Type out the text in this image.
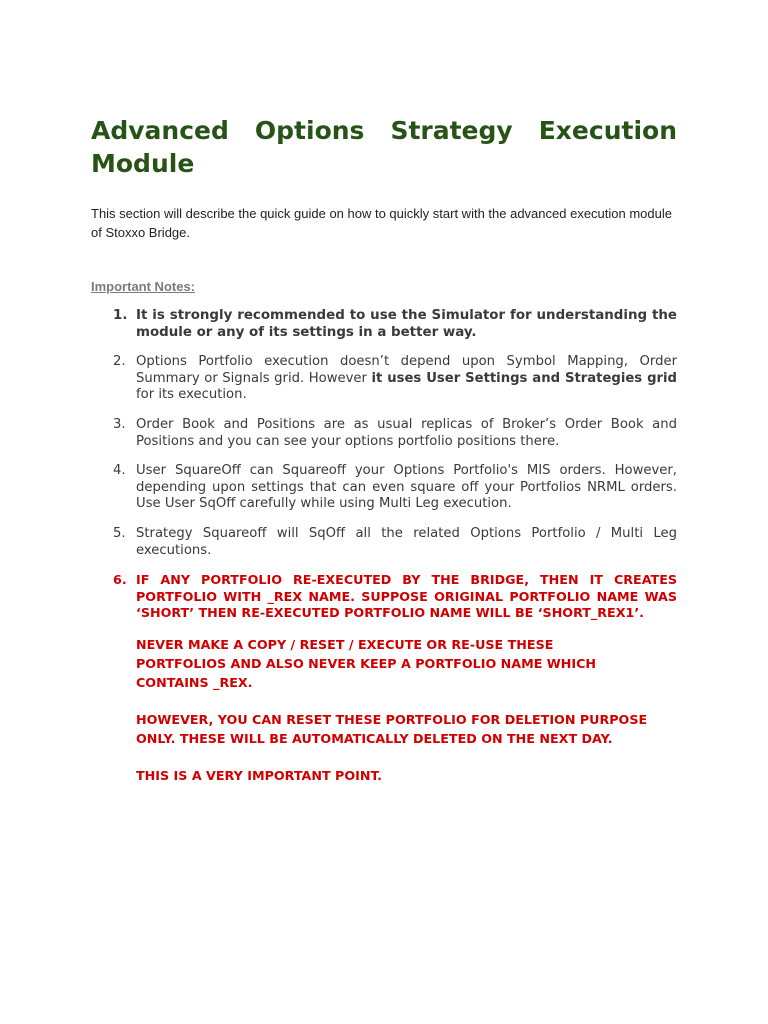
Advanced Options Strategy Execution Module

This section will describe the quick guide on how to quickly start with the advanced execution module of Stoxxo Bridge.

Important Notes:

1. It is strongly recommended to use the Simulator for understanding the module or any of its settings in a better way.
2. Options Portfolio execution doesn’t depend upon Symbol Mapping, Order Summary or Signals grid. However it uses User Settings and Strategies grid for its execution.
3. Order Book and Positions are as usual replicas of Broker’s Order Book and Positions and you can see your options portfolio positions there.
4. User SquareOff can Squareoff your Options Portfolio's MIS orders. However, depending upon settings that can even square off your Portfolios NRML orders. Use User SqOff carefully while using Multi Leg execution.
5. Strategy Squareoff will SqOff all the related Options Portfolio / Multi Leg executions.
6. IF ANY PORTFOLIO RE-EXECUTED BY THE BRIDGE, THEN IT CREATES PORTFOLIO WITH _REX NAME. SUPPOSE ORIGINAL PORTFOLIO NAME WAS ‘SHORT’ THEN RE-EXECUTED PORTFOLIO NAME WILL BE ‘SHORT_REX1’.

NEVER MAKE A COPY / RESET / EXECUTE OR RE-USE THESE
PORTFOLIOS AND ALSO NEVER KEEP A PORTFOLIO NAME WHICH
CONTAINS _REX.

HOWEVER, YOU CAN RESET THESE PORTFOLIO FOR DELETION PURPOSE ONLY. THESE WILL BE AUTOMATICALLY DELETED ON THE NEXT DAY.

THIS IS A VERY IMPORTANT POINT.
